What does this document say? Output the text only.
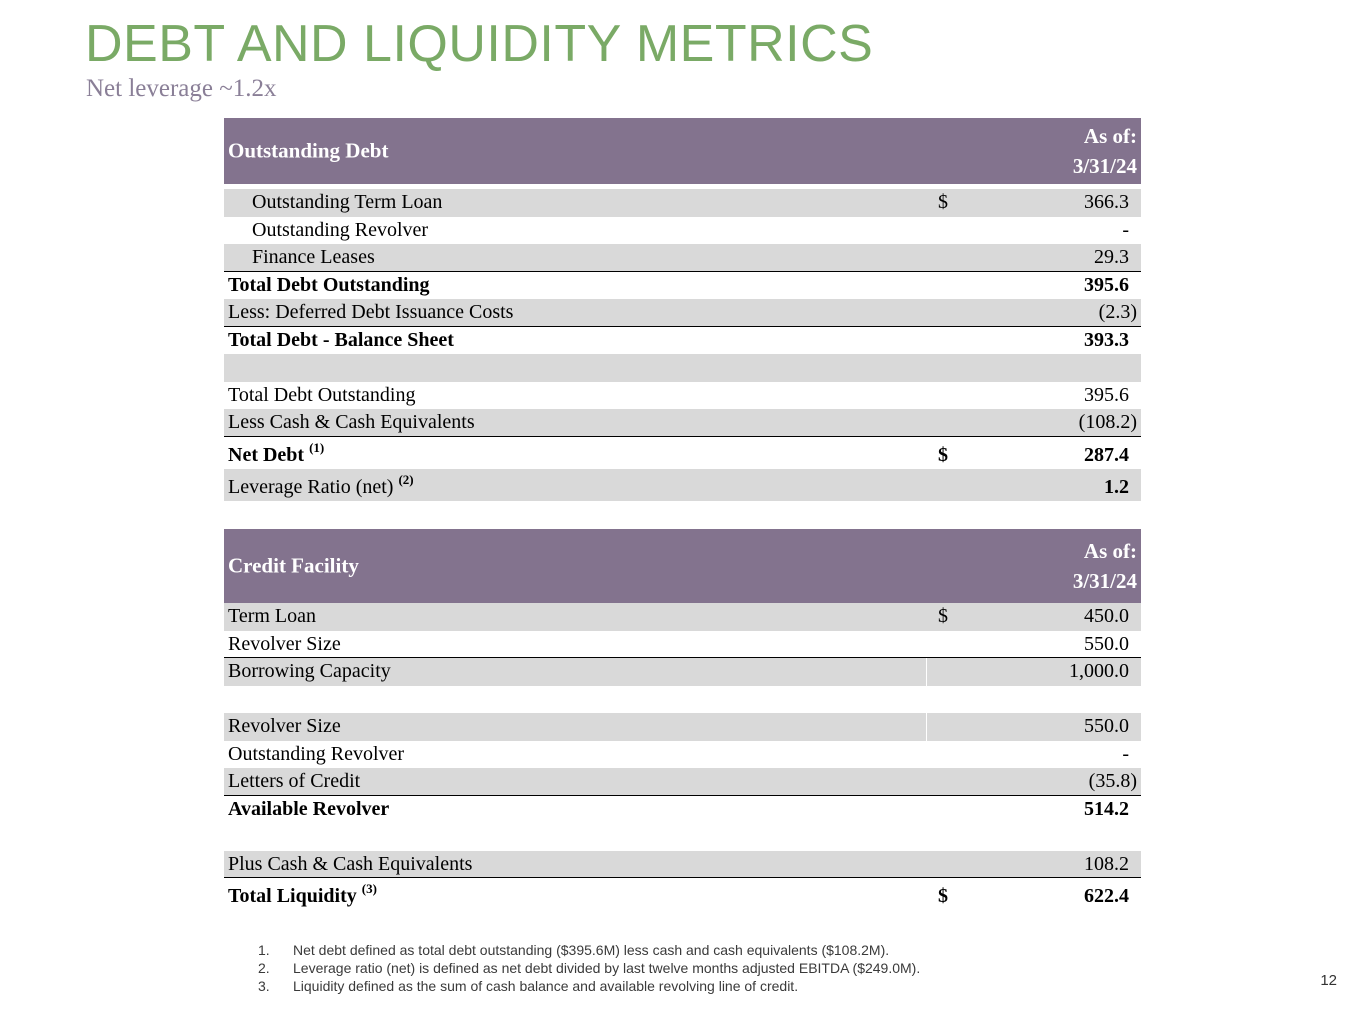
DEBT AND LIQUIDITY METRICS
Net leverage ~1.2x
Outstanding Debt
As of:
3/31/24
Outstanding Term Loan	$	366.3
Outstanding Revolver	-
Finance Leases	29.3
Total Debt Outstanding	395.6
Less: Deferred Debt Issuance Costs	(2.3)
Total Debt - Balance Sheet	393.3
Total Debt Outstanding	395.6
Less Cash & Cash Equivalents	(108.2)
Net Debt $^{(1)}$	$	287.4
Leverage Ratio (net) $^{(2)}$	1.2
Credit Facility
As of:
3/31/24
Term Loan	$	450.0
Revolver Size	550.0
Borrowing Capacity	1,000.0
Revolver Size	550.0
Outstanding Revolver	-
Letters of Credit	(35.8)
Available Revolver	514.2
Plus Cash & Cash Equivalents	108.2
Total Liquidity $^{(3)}$	$	622.4
1. Net debt defined as total debt outstanding ($395.6M) less cash and cash equivalents ($108.2M).
2. Leverage ratio (net) is defined as net debt divided by last twelve months adjusted EBITDA ($249.0M).
3. Liquidity defined as the sum of cash balance and available revolving line of credit.	12
